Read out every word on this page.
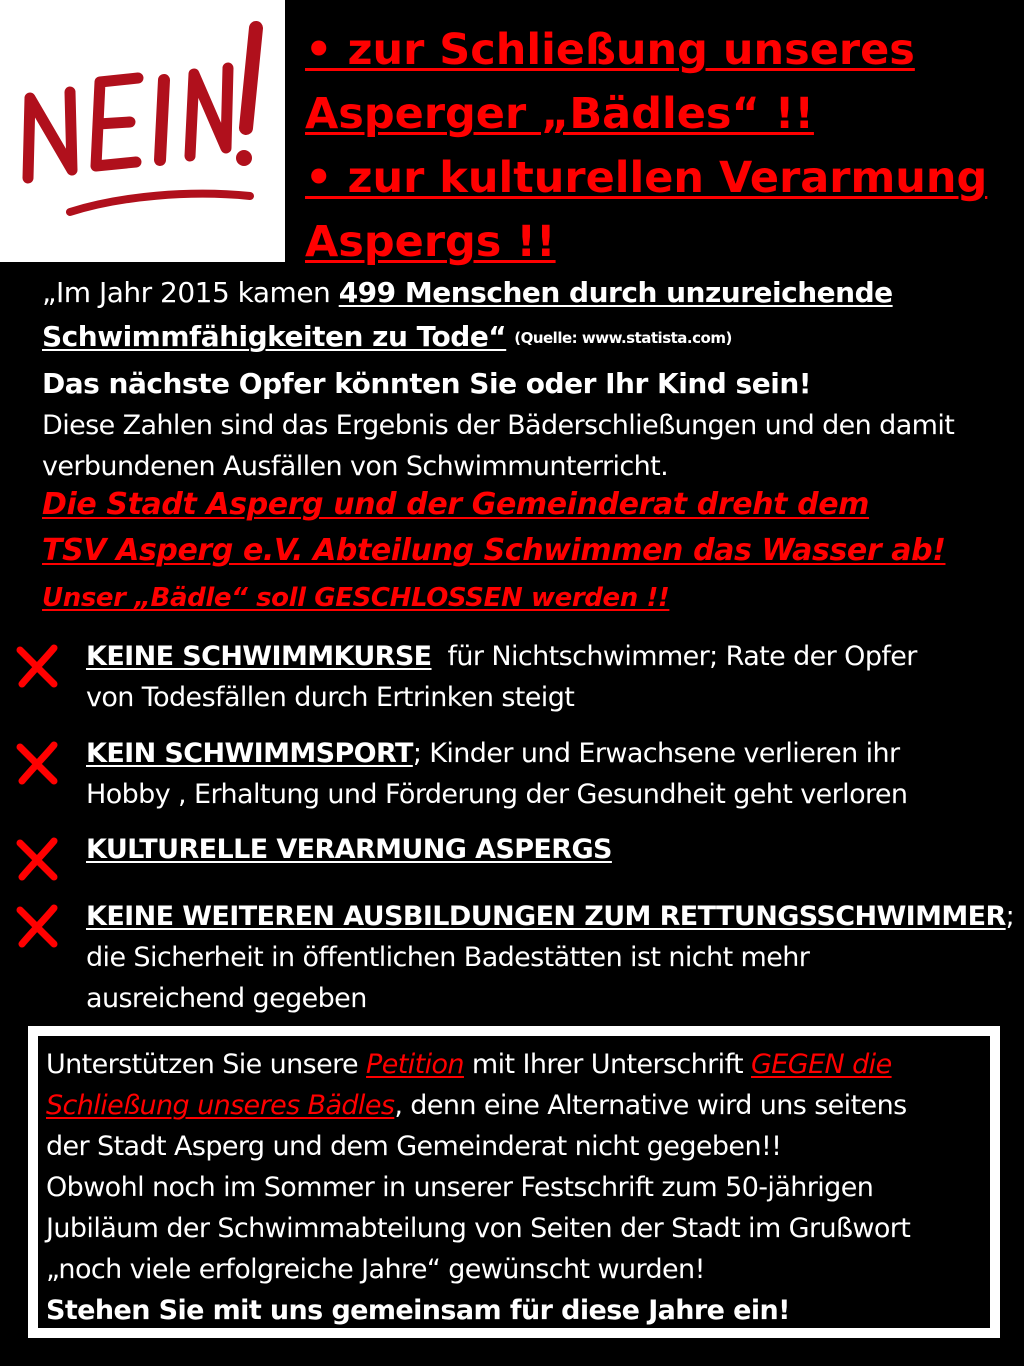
NEIN!
• zur Schließung unseres
Asperger „Bädles“ !!
• zur kulturellen Verarmung
Aspergs !!
„Im Jahr 2015 kamen 499 Menschen durch unzureichende
Schwimmfähigkeiten zu Tode“ (Quelle: www.statista.com)
Das nächste Opfer könnten Sie oder Ihr Kind sein!
Diese Zahlen sind das Ergebnis der Bäderschließungen und den damit
verbundenen Ausfällen von Schwimmunterricht.
Die Stadt Asperg und der Gemeinderat dreht dem
TSV Asperg e.V. Abteilung Schwimmen das Wasser ab!
Unser „Bädle“ soll GESCHLOSSEN werden !!
KEINE SCHWIMMKURSE  für Nichtschwimmer; Rate der Opfer
von Todesfällen durch Ertrinken steigt
KEIN SCHWIMMSPORT; Kinder und Erwachsene verlieren ihr
Hobby , Erhaltung und Förderung der Gesundheit geht verloren
KULTURELLE VERARMUNG ASPERGS
KEINE WEITEREN AUSBILDUNGEN ZUM RETTUNGSSCHWIMMER;
die Sicherheit in öffentlichen Badestätten ist nicht mehr
ausreichend gegeben
Unterstützen Sie unsere Petition mit Ihrer Unterschrift GEGEN die
Schließung unseres Bädles, denn eine Alternative wird uns seitens
der Stadt Asperg und dem Gemeinderat nicht gegeben!!
Obwohl noch im Sommer in unserer Festschrift zum 50-jährigen
Jubiläum der Schwimmabteilung von Seiten der Stadt im Grußwort
„noch viele erfolgreiche Jahre“ gewünscht wurden!
Stehen Sie mit uns gemeinsam für diese Jahre ein!
